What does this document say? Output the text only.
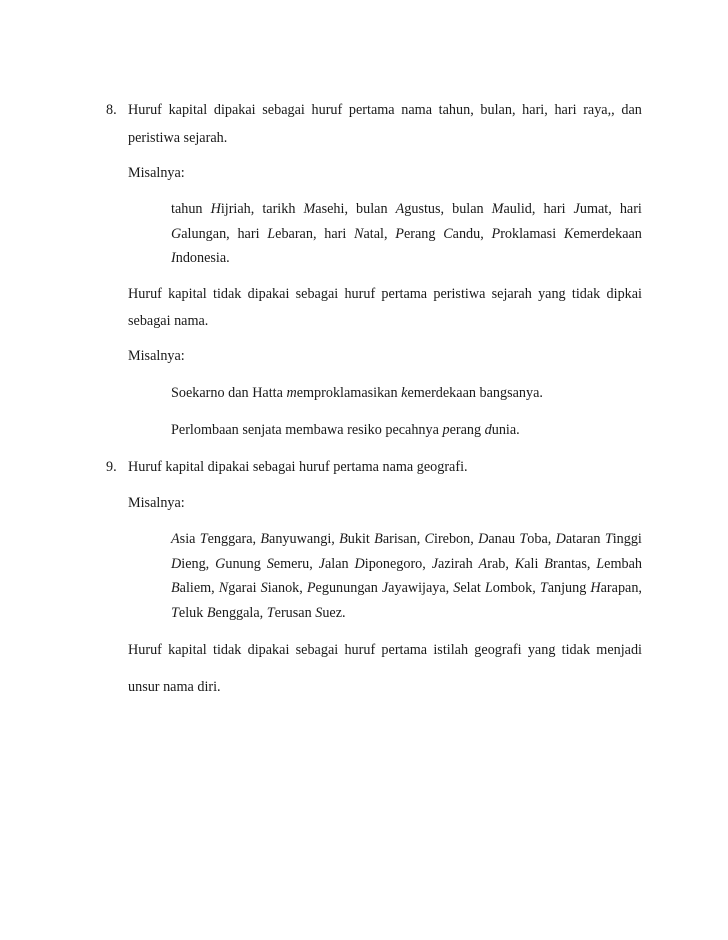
8. Huruf kapital dipakai sebagai huruf pertama nama tahun, bulan, hari, hari raya,, dan
peristiwa sejarah.
Misalnya:
tahun Hijriah, tarikh Masehi, bulan Agustus, bulan Maulid, hari Jumat, hari
Galungan, hari Lebaran, hari Natal, Perang Candu, Proklamasi Kemerdekaan
Indonesia.
Huruf kapital tidak dipakai sebagai huruf pertama peristiwa sejarah yang tidak dipkai
sebagai nama.
Misalnya:
Soekarno dan Hatta memproklamasikan kemerdekaan bangsanya.
Perlombaan senjata membawa resiko pecahnya perang dunia.
9. Huruf kapital dipakai sebagai huruf pertama nama geografi.
Misalnya:
Asia Tenggara, Banyuwangi, Bukit Barisan, Cirebon, Danau Toba, Dataran Tinggi
Dieng, Gunung Semeru, Jalan Diponegoro, Jazirah Arab, Kali Brantas, Lembah
Baliem, Ngarai Sianok, Pegunungan Jayawijaya, Selat Lombok, Tanjung Harapan,
Teluk Benggala, Terusan Suez.
Huruf kapital tidak dipakai sebagai huruf pertama istilah geografi yang tidak menjadi
unsur nama diri.
